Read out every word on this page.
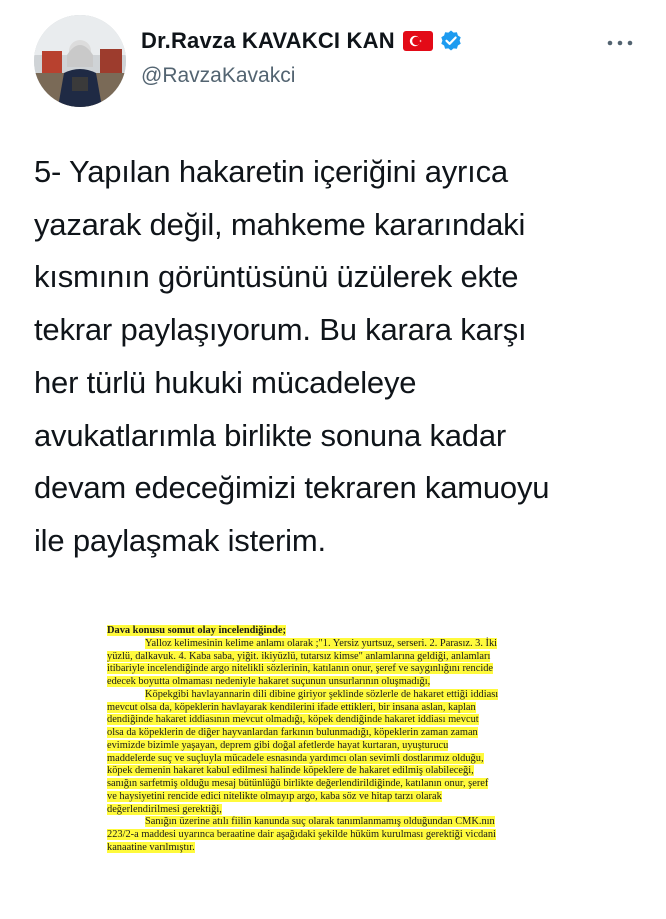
Dr.Ravza KAVAKCI KAN
@RavzaKavakci
5- Yapılan hakaretin içeriğini ayrıca
yazarak değil, mahkeme kararındaki
kısmının görüntüsünü üzülerek ekte
tekrar paylaşıyorum. Bu karara karşı
her türlü hukuki mücadeleye
avukatlarımla birlikte sonuna kadar
devam edeceğimizi tekraren kamuoyu
ile paylaşmak isterim.
Dava konusu somut olay incelendiğinde;
Yalloz kelimesinin kelime anlamı olarak ;"1. Yersiz yurtsuz, serseri. 2. Parasız. 3. İki
yüzlü, dalkavuk. 4. Kaba saba, yiğit. ikiyüzlü, tutarsız kimse" anlamlarına geldiği, anlamları
itibariyle incelendiğinde argo nitelikli sözlerinin, katılanın onur, şeref ve saygınlığını rencide
edecek boyutta olmaması nedeniyle hakaret suçunun unsurlarının oluşmadığı,
Köpekgibi havlayannarin dili dibine giriyor şeklinde sözlerle de hakaret ettiği iddiası
mevcut olsa da, köpeklerin havlayarak kendilerini ifade ettikleri, bir insana aslan, kaplan
dendiğinde hakaret iddiasının mevcut olmadığı, köpek dendiğinde hakaret iddiası mevcut
olsa da köpeklerin de diğer hayvanlardan farkının bulunmadığı, köpeklerin zaman zaman
evimizde bizimle yaşayan, deprem gibi doğal afetlerde hayat kurtaran, uyuşturucu
maddelerde suç ve suçluyla mücadele esnasında yardımcı olan sevimli dostlarımız olduğu,
köpek demenin hakaret kabul edilmesi halinde köpeklere de hakaret edilmiş olabileceği,
sanığın sarfetmiş olduğu mesaj bütünlüğü birlikte değerlendirildiğinde, katılanın onur, şeref
ve haysiyetini rencide edici nitelikte olmayıp argo, kaba söz ve hitap tarzı olarak
değerlendirilmesi gerektiği,
Sanığın üzerine atılı fiilin kanunda suç olarak tanımlanmamış olduğundan CMK.nın
223/2-a maddesi uyarınca beraatine dair aşağıdaki şekilde hüküm kurulması gerektiği vicdani
kanaatine varılmıştır.
